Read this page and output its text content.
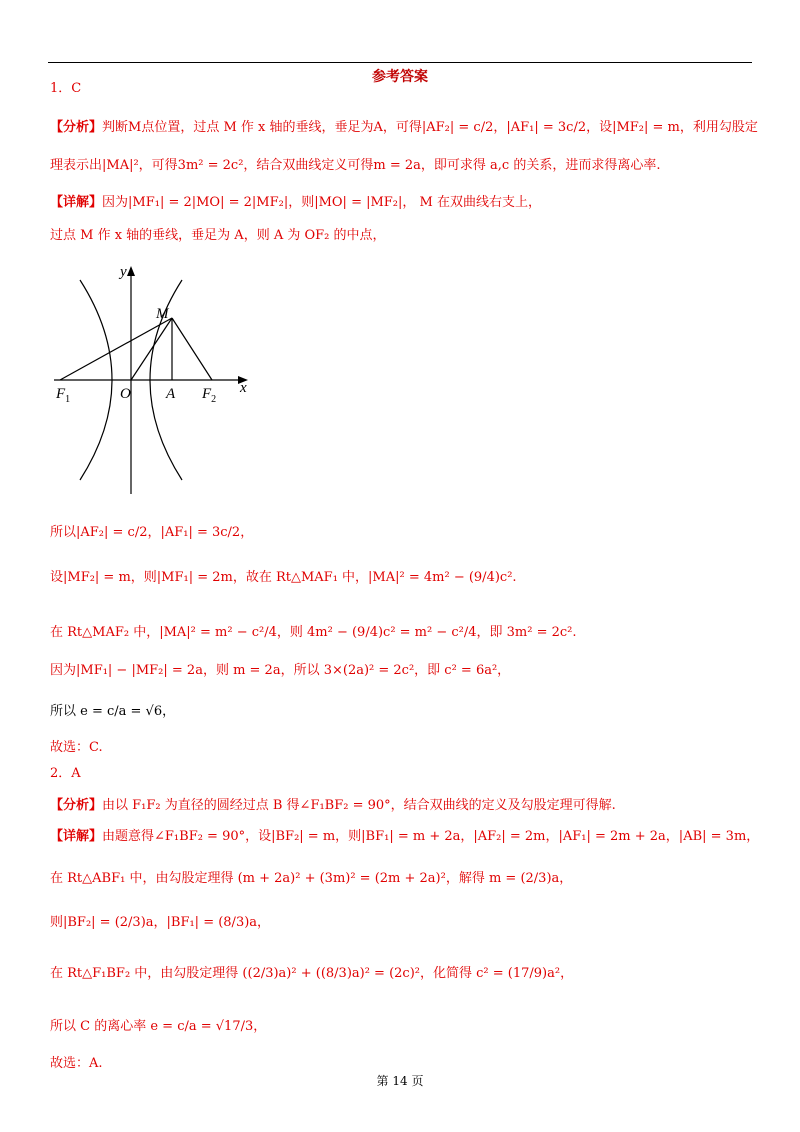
参考答案
1．C
【分析】判断M点位置，过点 M 作 x 轴的垂线，垂足为A，可得|AF₂| = c/2，|AF₁| = 3c/2，设|MF₂| = m，利用勾股定
理表示出|MA|²，可得3m² = 2c²，结合双曲线定义可得m = 2a，即可求得 a,c 的关系，进而求得离心率.
【详解】因为|MF₁| = 2|MO| = 2|MF₂|，则|MO| = |MF₂|， M 在双曲线右支上，
过点 M 作 x 轴的垂线，垂足为 A，则 A 为 OF₂ 的中点，
y
x
M
O A
$F_1$	$F_2$
所以|AF₂| = c/2，|AF₁| = 3c/2，
设|MF₂| = m，则|MF₁| = 2m，故在 Rt△MAF₁ 中，|MA|² = 4m² − (9/4)c².
在 Rt△MAF₂ 中，|MA|² = m² − c²/4，则 4m² − (9/4)c² = m² − c²/4，即 3m² = 2c².
因为|MF₁| − |MF₂| = 2a，则 m = 2a，所以 3×(2a)² = 2c²，即 c² = 6a²，
所以 e = c/a = √6，
故选：C.
2．A
【分析】由以 F₁F₂ 为直径的圆经过点 B 得∠F₁BF₂ = 90°，结合双曲线的定义及勾股定理可得解.
【详解】由题意得∠F₁BF₂ = 90°，设|BF₂| = m，则|BF₁| = m + 2a，|AF₂| = 2m，|AF₁| = 2m + 2a，|AB| = 3m，
在 Rt△ABF₁ 中，由勾股定理得 (m + 2a)² + (3m)² = (2m + 2a)²，解得 m = (2/3)a，
则|BF₂| = (2/3)a，|BF₁| = (8/3)a，
在 Rt△F₁BF₂ 中，由勾股定理得 ((2/3)a)² + ((8/3)a)² = (2c)²，化简得 c² = (17/9)a²，
所以 C 的离心率 e = c/a = √17/3，
故选：A.
第 14 页
